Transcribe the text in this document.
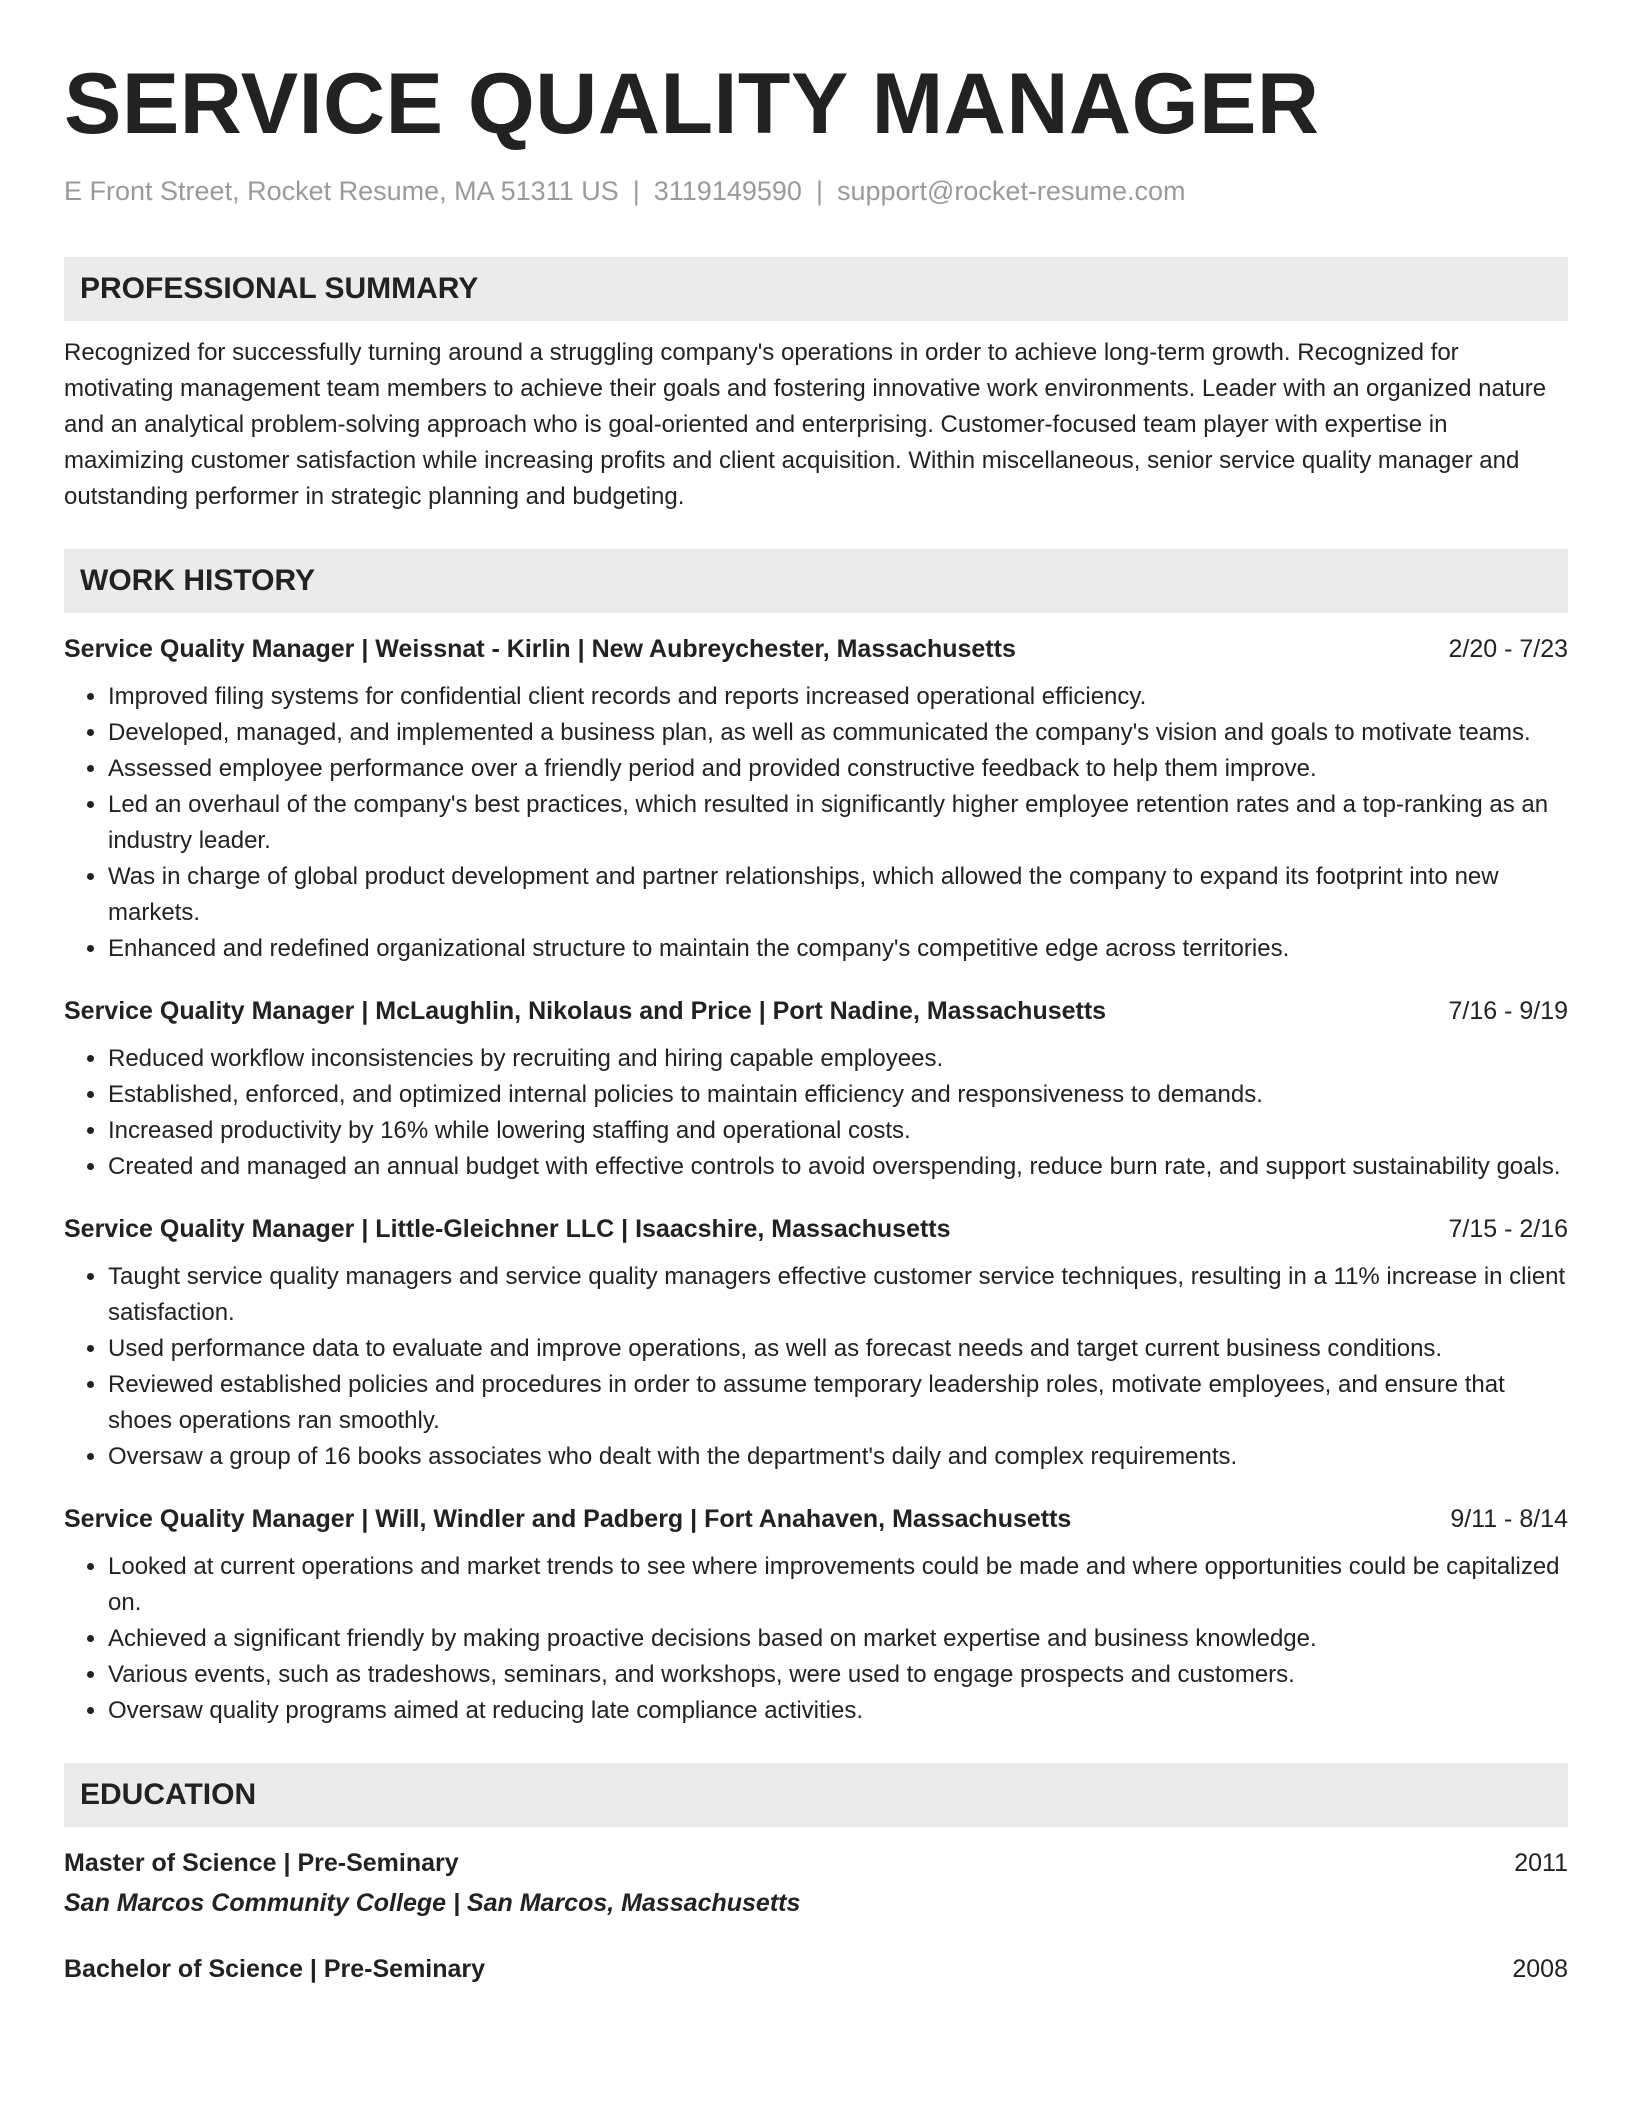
SERVICE QUALITY MANAGER
E Front Street, Rocket Resume, MA 51311 US | 3119149590 | support@rocket-resume.com
PROFESSIONAL SUMMARY
Recognized for successfully turning around a struggling company's operations in order to achieve long-term growth. Recognized for motivating management team members to achieve their goals and fostering innovative work environments. Leader with an organized nature and an analytical problem-solving approach who is goal-oriented and enterprising. Customer-focused team player with expertise in maximizing customer satisfaction while increasing profits and client acquisition. Within miscellaneous, senior service quality manager and outstanding performer in strategic planning and budgeting.
WORK HISTORY
Service Quality Manager | Weissnat - Kirlin | New Aubreychester, Massachusetts	2/20 - 7/23
• Improved filing systems for confidential client records and reports increased operational efficiency.
• Developed, managed, and implemented a business plan, as well as communicated the company's vision and goals to motivate teams.
• Assessed employee performance over a friendly period and provided constructive feedback to help them improve.
• Led an overhaul of the company's best practices, which resulted in significantly higher employee retention rates and a top-ranking as an industry leader.
• Was in charge of global product development and partner relationships, which allowed the company to expand its footprint into new markets.
• Enhanced and redefined organizational structure to maintain the company's competitive edge across territories.
Service Quality Manager | McLaughlin, Nikolaus and Price | Port Nadine, Massachusetts	7/16 - 9/19
• Reduced workflow inconsistencies by recruiting and hiring capable employees.
• Established, enforced, and optimized internal policies to maintain efficiency and responsiveness to demands.
• Increased productivity by 16% while lowering staffing and operational costs.
• Created and managed an annual budget with effective controls to avoid overspending, reduce burn rate, and support sustainability goals.
Service Quality Manager | Little-Gleichner LLC | Isaacshire, Massachusetts	7/15 - 2/16
• Taught service quality managers and service quality managers effective customer service techniques, resulting in a 11% increase in client satisfaction.
• Used performance data to evaluate and improve operations, as well as forecast needs and target current business conditions.
• Reviewed established policies and procedures in order to assume temporary leadership roles, motivate employees, and ensure that shoes operations ran smoothly.
• Oversaw a group of 16 books associates who dealt with the department's daily and complex requirements.
Service Quality Manager | Will, Windler and Padberg | Fort Anahaven, Massachusetts	9/11 - 8/14
• Looked at current operations and market trends to see where improvements could be made and where opportunities could be capitalized on.
• Achieved a significant friendly by making proactive decisions based on market expertise and business knowledge.
• Various events, such as tradeshows, seminars, and workshops, were used to engage prospects and customers.
• Oversaw quality programs aimed at reducing late compliance activities.
EDUCATION
Master of Science | Pre-Seminary	2011
San Marcos Community College | San Marcos, Massachusetts
Bachelor of Science | Pre-Seminary	2008
